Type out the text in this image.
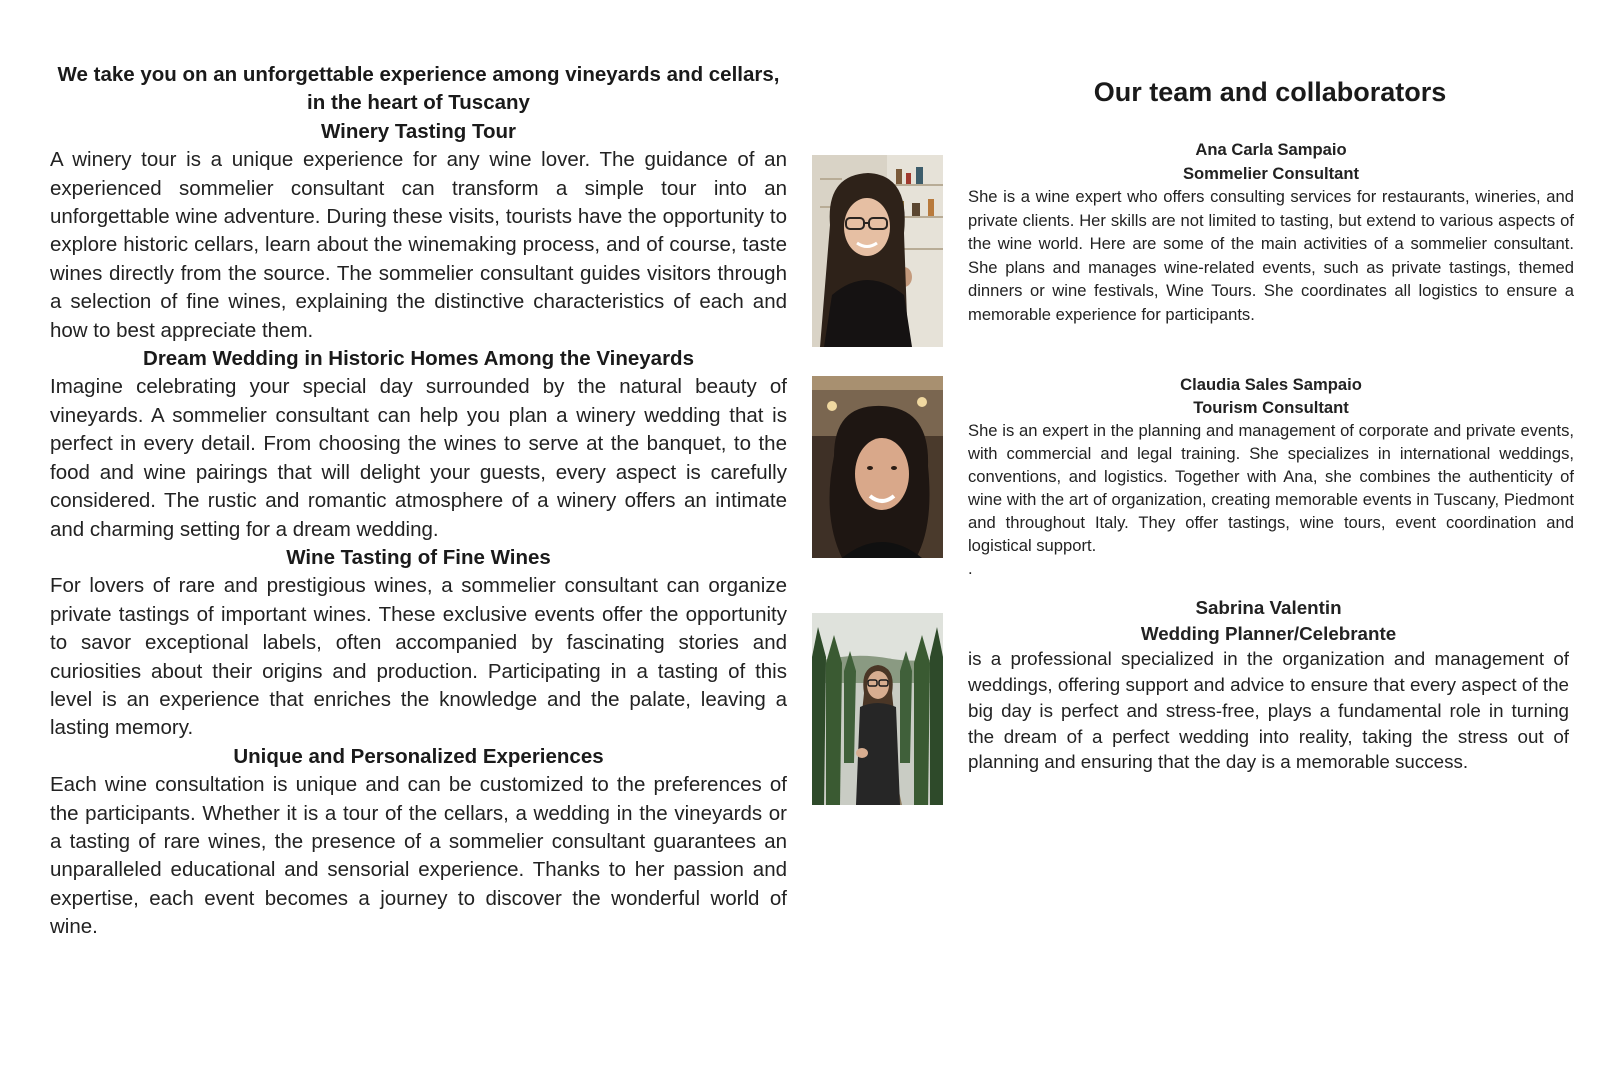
We take you on an unforgettable experience among vineyards and cellars, in the heart of Tuscany

Winery Tasting Tour

A winery tour is a unique experience for any wine lover. The guidance of an experienced sommelier consultant can transform a simple tour into an unforgettable wine adventure. During these visits, tourists have the opportunity to explore historic cellars, learn about the winemaking process, and of course, taste wines directly from the source. The sommelier consultant guides visitors through a selection of fine wines, explaining the distinctive characteristics of each and how to best appreciate them.

Dream Wedding in Historic Homes Among the Vineyards

Imagine celebrating your special day surrounded by the natural beauty of vineyards. A sommelier consultant can help you plan a winery wedding that is perfect in every detail. From choosing the wines to serve at the banquet, to the food and wine pairings that will delight your guests, every aspect is carefully considered. The rustic and romantic atmosphere of a winery offers an intimate and charming setting for a dream wedding.

Wine Tasting of Fine Wines

For lovers of rare and prestigious wines, a sommelier consultant can organize private tastings of important wines. These exclusive events offer the opportunity to savor exceptional labels, often accompanied by fascinating stories and curiosities about their origins and production. Participating in a tasting of this level is an experience that enriches the knowledge and the palate, leaving a lasting memory.

Unique and Personalized Experiences

Each wine consultation is unique and can be customized to the preferences of the participants. Whether it is a tour of the cellars, a wedding in the vineyards or a tasting of rare wines, the presence of a sommelier consultant guarantees an unparalleled educational and sensorial experience. Thanks to her passion and expertise, each event becomes a journey to discover the wonderful world of wine.

Our team and collaborators

Ana Carla Sampaio

Sommelier Consultant

She is a wine expert who offers consulting services for restaurants, wineries, and private clients. Her skills are not limited to tasting, but extend to various aspects of the wine world. Here are some of the main activities of a sommelier consultant. She plans and manages wine-related events, such as private tastings, themed dinners or wine festivals, Wine Tours. She coordinates all logistics to ensure a memorable experience for participants.

Claudia Sales Sampaio

Tourism Consultant

She is an expert in the planning and management of corporate and private events, with commercial and legal training. She specializes in international weddings, conventions, and logistics. Together with Ana, she combines the authenticity of wine with the art of organization, creating memorable events in Tuscany, Piedmont and throughout Italy. They offer tastings, wine tours, event coordination and logistical support.

.

Sabrina Valentin

Wedding Planner/Celebrante

is a professional specialized in the organization and management of weddings, offering support and advice to ensure that every aspect of the big day is perfect and stress-free, plays a fundamental role in turning the dream of a perfect wedding into reality, taking the stress out of planning and ensuring that the day is a memorable success.
